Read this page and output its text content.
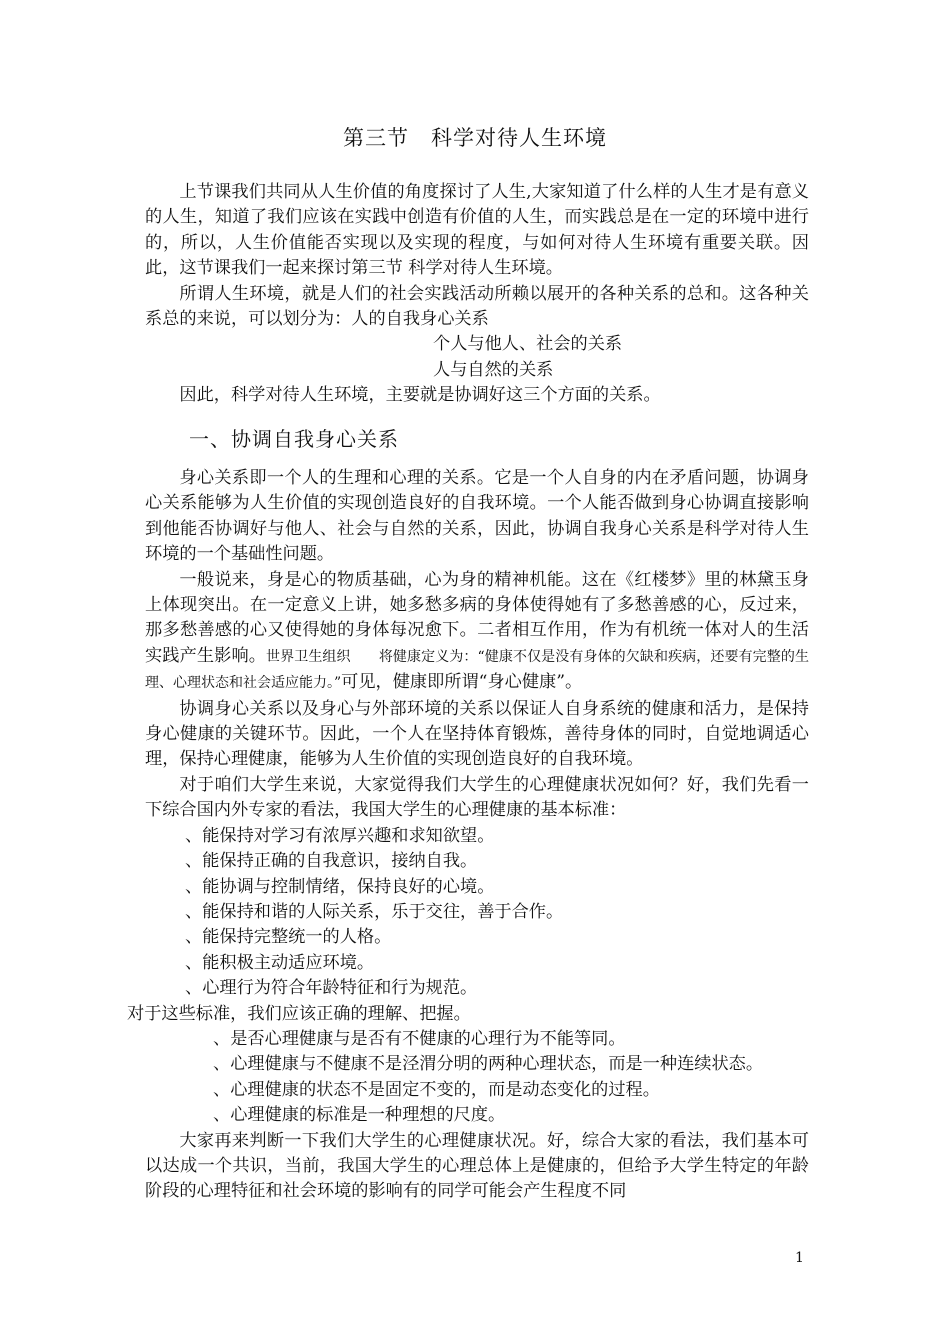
第三节　科学对待人生环境

上节课我们共同从人生价值的角度探讨了人生,大家知道了什么样的人生才是有意义的人生，知道了我们应该在实践中创造有价值的人生，而实践总是在一定的环境中进行的，所以，人生价值能否实现以及实现的程度，与如何对待人生环境有重要关联。因此，这节课我们一起来探讨第三节 科学对待人生环境。

所谓人生环境，就是人们的社会实践活动所赖以展开的各种关系的总和。这各种关系总的来说，可以划分为：人的自我身心关系

个人与他人、社会的关系

人与自然的关系

因此，科学对待人生环境，主要就是协调好这三个方面的关系。

一、协调自我身心关系

身心关系即一个人的生理和心理的关系。它是一个人自身的内在矛盾问题，协调身心关系能够为人生价值的实现创造良好的自我环境。一个人能否做到身心协调直接影响到他能否协调好与他人、社会与自然的关系，因此，协调自我身心关系是科学对待人生环境的一个基础性问题。

一般说来，身是心的物质基础，心为身的精神机能。这在《红楼梦》里的林黛玉身上体现突出。在一定意义上讲，她多愁多病的身体使得她有了多愁善感的心，反过来，那多愁善感的心又使得她的身体每况愈下。二者相互作用，作为有机统一体对人的生活实践产生影响。世界卫生组织　　将健康定义为：“健康不仅是没有身体的欠缺和疾病，还要有完整的生理、心理状态和社会适应能力。”可见，健康即所谓“身心健康”。

协调身心关系以及身心与外部环境的关系以保证人自身系统的健康和活力，是保持身心健康的关键环节。因此，一个人在坚持体育锻炼，善待身体的同时，自觉地调适心理，保持心理健康，能够为人生价值的实现创造良好的自我环境。

对于咱们大学生来说，大家觉得我们大学生的心理健康状况如何？好，我们先看一下综合国内外专家的看法，我国大学生的心理健康的基本标准：

、能保持对学习有浓厚兴趣和求知欲望。

、能保持正确的自我意识，接纳自我。

、能协调与控制情绪，保持良好的心境。

、能保持和谐的人际关系，乐于交往，善于合作。

、能保持完整统一的人格。

、能积极主动适应环境。

、心理行为符合年龄特征和行为规范。

对于这些标准，我们应该正确的理解、把握。

、是否心理健康与是否有不健康的心理行为不能等同。

、心理健康与不健康不是泾渭分明的两种心理状态，而是一种连续状态。

、心理健康的状态不是固定不变的，而是动态变化的过程。

、心理健康的标准是一种理想的尺度。

大家再来判断一下我们大学生的心理健康状况。好，综合大家的看法，我们基本可以达成一个共识，当前，我国大学生的心理总体上是健康的，但给予大学生特定的年龄阶段的心理特征和社会环境的影响有的同学可能会产生程度不同

1
